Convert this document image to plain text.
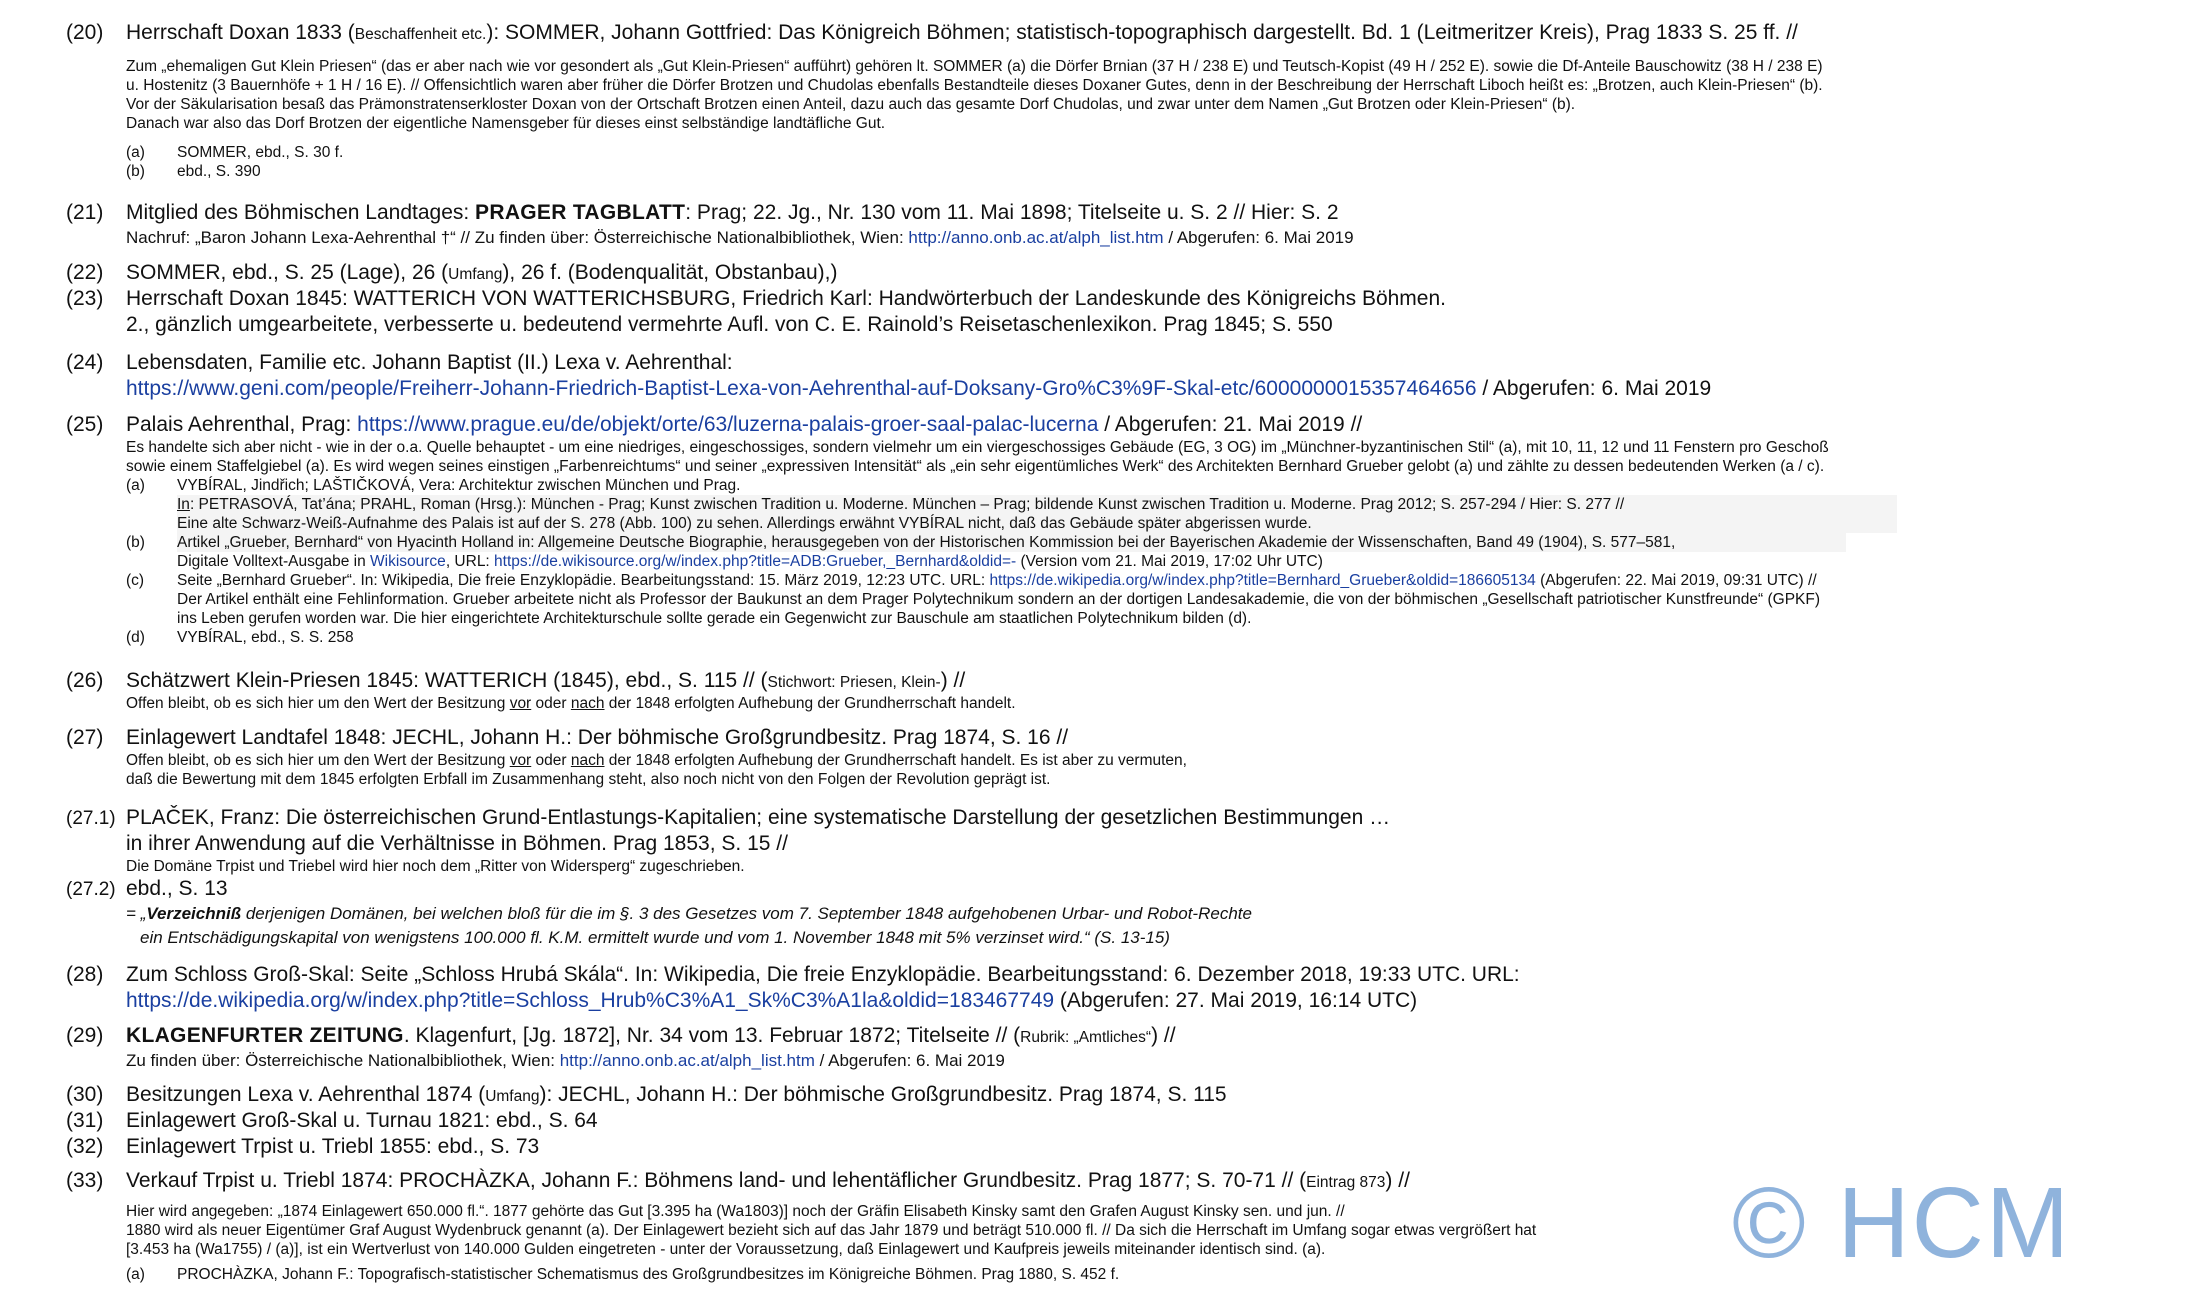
(20)	Herrschaft Doxan 1833 (Beschaffenheit etc.): SOMMER, Johann Gottfried: Das Königreich Böhmen; statistisch-topographisch dargestellt. Bd. 1 (Leitmeritzer Kreis), Prag 1833 S. 25 ff. //
Zum „ehemaligen Gut Klein Priesen“ (das er aber nach wie vor gesondert als „Gut Klein-Priesen“ aufführt) gehören lt. SOMMER (a) die Dörfer Brnian (37 H / 238 E) und Teutsch-Kopist (49 H / 252 E). sowie die Df-Anteile Bauschowitz (38 H / 238 E)
u. Hostenitz (3 Bauernhöfe + 1 H / 16 E). // Offensichtlich waren aber früher die Dörfer Brotzen und Chudolas ebenfalls Bestandteile dieses Doxaner Gutes, denn in der Beschreibung der Herrschaft Liboch heißt es: „Brotzen, auch Klein-Priesen“ (b).
Vor der Säkularisation besaß das Prämonstratenserkloster Doxan von der Ortschaft Brotzen einen Anteil, dazu auch das gesamte Dorf Chudolas, und zwar unter dem Namen „Gut Brotzen oder Klein-Priesen“ (b).
Danach war also das Dorf Brotzen der eigentliche Namensgeber für dieses einst selbständige landtäfliche Gut.
(a)	SOMMER, ebd., S. 30 f.
(b)	ebd., S. 390
(21)	Mitglied des Böhmischen Landtages: PRAGER TAGBLATT: Prag; 22. Jg., Nr. 130 vom 11. Mai 1898; Titelseite u. S. 2 // Hier: S. 2
Nachruf: „Baron Johann Lexa-Aehrenthal †“ // Zu finden über: Österreichische Nationalbibliothek, Wien: http://anno.onb.ac.at/alph_list.htm / Abgerufen: 6. Mai 2019
(22)	SOMMER, ebd., S. 25 (Lage), 26 (Umfang), 26 f. (Bodenqualität, Obstanbau),)
(23)	Herrschaft Doxan 1845: WATTERICH VON WATTERICHSBURG, Friedrich Karl: Handwörterbuch der Landeskunde des Königreichs Böhmen.
2., gänzlich umgearbeitete, verbesserte u. bedeutend vermehrte Aufl. von C. E. Rainold’s Reisetaschenlexikon. Prag 1845; S. 550
(24)	Lebensdaten, Familie etc. Johann Baptist (II.) Lexa v. Aehrenthal:
https://www.geni.com/people/Freiherr-Johann-Friedrich-Baptist-Lexa-von-Aehrenthal-auf-Doksany-Gro%C3%9F-Skal-etc/6000000015357464656 / Abgerufen: 6. Mai 2019
(25)	Palais Aehrenthal, Prag: https://www.prague.eu/de/objekt/orte/63/luzerna-palais-groer-saal-palac-lucerna / Abgerufen: 21. Mai 2019 //
Es handelte sich aber nicht - wie in der o.a. Quelle behauptet - um eine niedriges, eingeschossiges, sondern vielmehr um ein viergeschossiges Gebäude (EG, 3 OG) im „Münchner-byzantinischen Stil“ (a), mit 10, 11, 12 und 11 Fenstern pro Geschoß
sowie einem Staffelgiebel (a). Es wird wegen seines einstigen „Farbenreichtums“ und seiner „expressiven Intensität“ als „ein sehr eigentümliches Werk“ des Architekten Bernhard Grueber gelobt (a) und zählte zu dessen bedeutenden Werken (a / c).
(a)	VYBÍRAL, Jindřich; LAŠTIČKOVÁ, Vera: Architektur zwischen München und Prag.
In: PETRASOVÁ, Tat’ána; PRAHL, Roman (Hrsg.): München - Prag; Kunst zwischen Tradition u. Moderne. München – Prag; bildende Kunst zwischen Tradition u. Moderne. Prag 2012; S. 257-294 / Hier: S. 277 //
Eine alte Schwarz-Weiß-Aufnahme des Palais ist auf der S. 278 (Abb. 100) zu sehen. Allerdings erwähnt VYBÍRAL nicht, daß das Gebäude später abgerissen wurde.
(b)	Artikel „Grueber, Bernhard“ von Hyacinth Holland in: Allgemeine Deutsche Biographie, herausgegeben von der Historischen Kommission bei der Bayerischen Akademie der Wissenschaften, Band 49 (1904), S. 577–581,
Digitale Volltext-Ausgabe in Wikisource, URL: https://de.wikisource.org/w/index.php?title=ADB:Grueber,_Bernhard&oldid=- (Version vom 21. Mai 2019, 17:02 Uhr UTC)
(c)	Seite „Bernhard Grueber“. In: Wikipedia, Die freie Enzyklopädie. Bearbeitungsstand: 15. März 2019, 12:23 UTC. URL: https://de.wikipedia.org/w/index.php?title=Bernhard_Grueber&oldid=186605134 (Abgerufen: 22. Mai 2019, 09:31 UTC) //
Der Artikel enthält eine Fehlinformation. Grueber arbeitete nicht als Professor der Baukunst an dem Prager Polytechnikum sondern an der dortigen Landesakademie, die von der böhmischen „Gesellschaft patriotischer Kunstfreunde“ (GPKF)
ins Leben gerufen worden war. Die hier eingerichtete Architekturschule sollte gerade ein Gegenwicht zur Bauschule am staatlichen Polytechnikum bilden (d).
(d)	VYBÍRAL, ebd., S. S. 258
(26)	Schätzwert Klein-Priesen 1845: WATTERICH (1845), ebd., S. 115 // (Stichwort: Priesen, Klein-) //
Offen bleibt, ob es sich hier um den Wert der Besitzung vor oder nach der 1848 erfolgten Aufhebung der Grundherrschaft handelt.
(27)	Einlagewert Landtafel 1848: JECHL, Johann H.: Der böhmische Großgrundbesitz. Prag 1874, S. 16 //
Offen bleibt, ob es sich hier um den Wert der Besitzung vor oder nach der 1848 erfolgten Aufhebung der Grundherrschaft handelt. Es ist aber zu vermuten,
daß die Bewertung mit dem 1845 erfolgten Erbfall im Zusammenhang steht, also noch nicht von den Folgen der Revolution geprägt ist.
(27.1) PLAČEK, Franz: Die österreichischen Grund-Entlastungs-Kapitalien; eine systematische Darstellung der gesetzlichen Bestimmungen …
in ihrer Anwendung auf die Verhältnisse in Böhmen. Prag 1853, S. 15 //
Die Domäne Trpist und Triebel wird hier noch dem „Ritter von Widersperg“ zugeschrieben.
(27.2) ebd., S. 13
= „Verzeichniß derjenigen Domänen, bei welchen bloß für die im §. 3 des Gesetzes vom 7. September 1848 aufgehobenen Urbar- und Robot-Rechte
ein Entschädigungskapital von wenigstens 100.000 fl. K.M. ermittelt wurde und vom 1. November 1848 mit 5% verzinset wird.“ (S. 13-15)
(28)	Zum Schloss Groß-Skal: Seite „Schloss Hrubá Skála“. In: Wikipedia, Die freie Enzyklopädie. Bearbeitungsstand: 6. Dezember 2018, 19:33 UTC. URL:
https://de.wikipedia.org/w/index.php?title=Schloss_Hrub%C3%A1_Sk%C3%A1la&oldid=183467749 (Abgerufen: 27. Mai 2019, 16:14 UTC)
(29)	KLAGENFURTER ZEITUNG. Klagenfurt, [Jg. 1872], Nr. 34 vom 13. Februar 1872; Titelseite // (Rubrik: „Amtliches“) //
Zu finden über: Österreichische Nationalbibliothek, Wien: http://anno.onb.ac.at/alph_list.htm / Abgerufen: 6. Mai 2019
(30)	Besitzungen Lexa v. Aehrenthal 1874 (Umfang): JECHL, Johann H.: Der böhmische Großgrundbesitz. Prag 1874, S. 115
(31)	Einlagewert Groß-Skal u. Turnau 1821: ebd., S. 64
(32)	Einlagewert Trpist u. Triebl 1855: ebd., S. 73
(33)	Verkauf Trpist u. Triebl 1874: PROCHÀZKA, Johann F.: Böhmens land- und lehentäflicher Grundbesitz. Prag 1877; S. 70-71 // (Eintrag 873) //
Hier wird angegeben: „1874 Einlagewert 650.000 fl.“. 1877 gehörte das Gut [3.395 ha (Wa1803)] noch der Gräfin Elisabeth Kinsky samt den Grafen August Kinsky sen. und jun. //
1880 wird als neuer Eigentümer Graf August Wydenbruck genannt (a). Der Einlagewert bezieht sich auf das Jahr 1879 und beträgt 510.000 fl. // Da sich die Herrschaft im Umfang sogar etwas vergrößert hat
[3.453 ha (Wa1755) / (a)], ist ein Wertverlust von 140.000 Gulden eingetreten - unter der Voraussetzung, daß Einlagewert und Kaufpreis jeweils miteinander identisch sind. (a).
(a)	PROCHÀZKA, Johann F.: Topografisch-statistischer Schematismus des Großgrundbesitzes im Königreiche Böhmen. Prag 1880, S. 452 f.	© HCM
